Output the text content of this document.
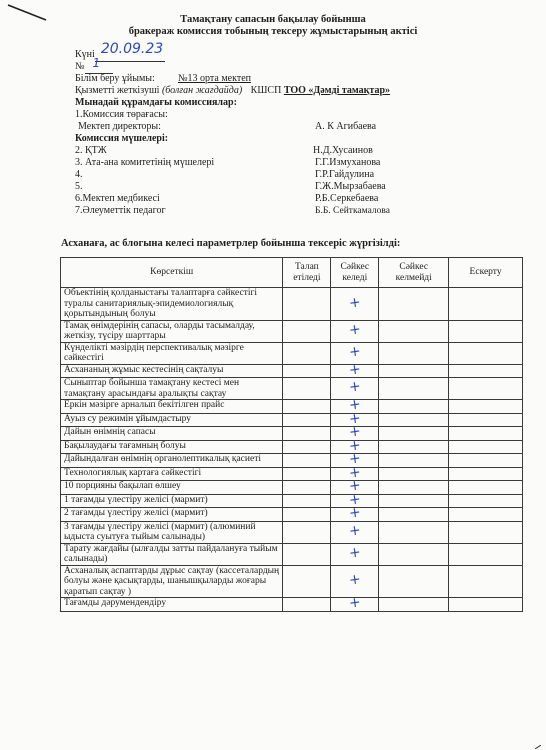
Тамақтану сапасын бақылау бойынша
бракераж комиссия тобының тексеру жұмыстарының актісі
Күні 20.09.23
№ 1
Білім беру ұйымы: №13 орта мектеп
Қызметті жеткізуші (болған жағдайда) КШСП ТОО «Дәмді тамақтар»
Мынадай құрамдағы комиссиялар:
1.Комиссия төрағасы:
Мектеп директоры:	А. К Агибаева
Комиссия мүшелері:
2. ҚТЖ	Н.Д.Хусаинов
3. Ата-ана комитетінің мүшелері	Г.Г.Измуханова
4.	Г.Р.Гайдулина
5.	Г.Ж.Мырзабаева
6.Мектеп медбикесі	Р.Б.Серкебаева
7.Әлеуметтік педагог	Б.Б. Сейткамалова
Асханаға, ас блогына келесі параметрлер бойынша тексеріс жүргізілді:
Көрсеткіш	Талап етіледі	Сәйкес келеді	Сәйкес келмейді	Ескерту
Объектінің қолданыстағы талаптарға сәйкестігі туралы санитариялық-эпидемиологиялық қорытындының болуы		+		
Тамақ өнімдерінің сапасы, оларды тасымалдау, жеткізу, түсіру шарттары		+		
Күнделікті мәзірдің перспективалық мәзірге сәйкестігі		+		
Асхананың жұмыс кестесінің сақталуы		+		
Сыныптар бойынша тамақтану кестесі мен тамақтану арасындағы аралықты сақтау		+		
Еркін мәзірге арналып бекітілген прайс		+		
Ауыз су режимін ұйымдастыру		+		
Дайын өнімнің сапасы		+		
Бақылаудағы тағамның болуы		+		
Дайындалған өнімнің органолептикалық қасиеті		+		
Технологиялық картаға сәйкестігі		+		
10 порцияны бақылап өлшеу		+		
1 тағамды үлестіру желісі (мармит)		+		
2 тағамды үлестіру желісі (мармит)		+		
3 тағамды үлестіру желісі (мармит) (алюминий ыдыста суытуға тыйым салынады)		+		
Тарату жағдайы (ылғалды затты пайдалануға тыйым салынады)		+		
Асханалық аспаптарды дұрыс сақтау (кассеталардың болуы және қасықтарды, шанышқыларды жоғары қаратып сақтау )		+		
Тағамды дәрумендендіру		+		
